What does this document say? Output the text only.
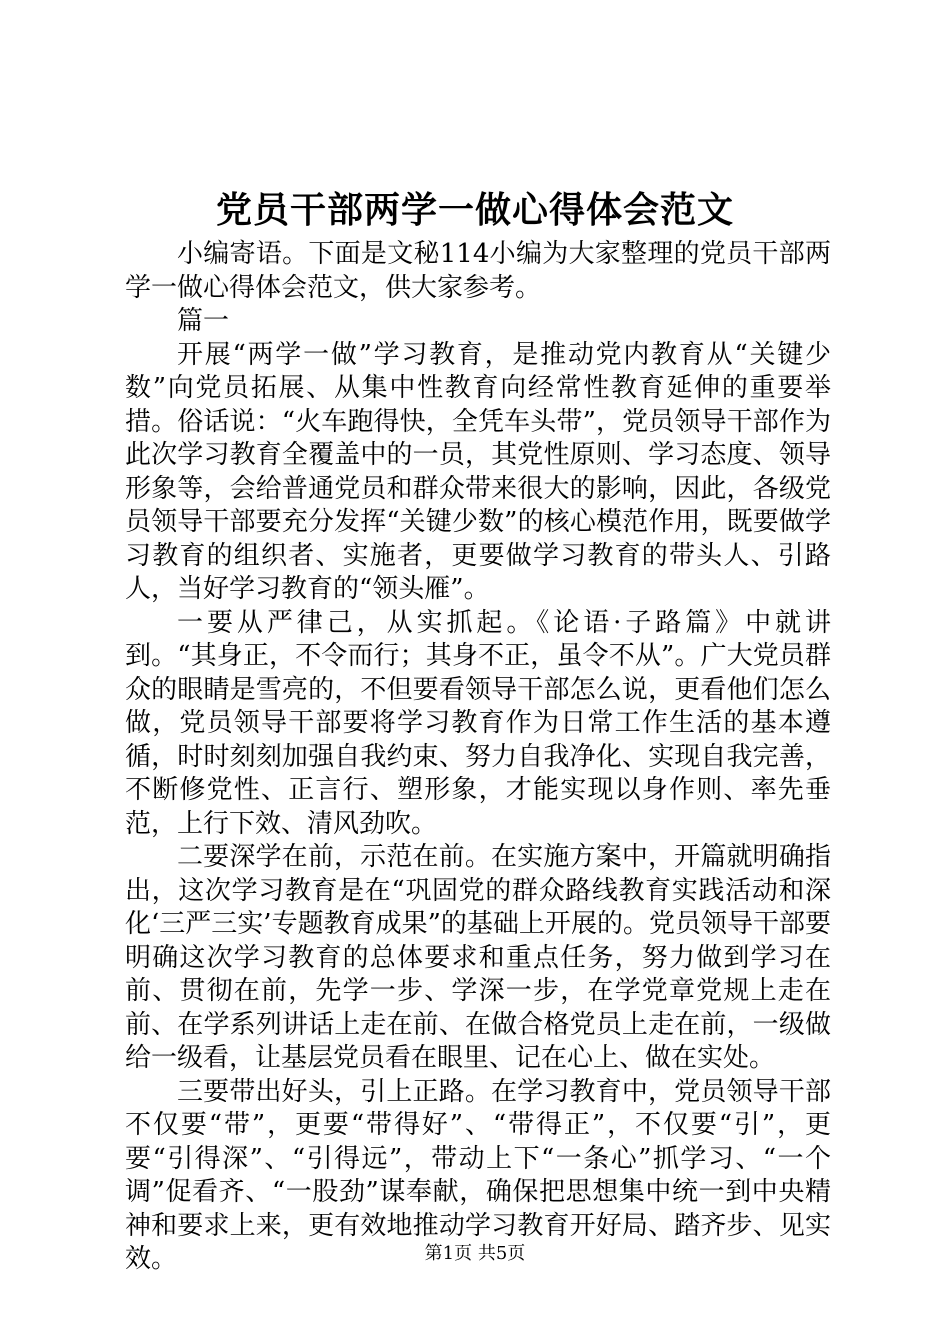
党员干部两学一做心得体会范文

小编寄语。下面是文秘114小编为大家整理的党员干部两学一做心得体会范文，供大家参考。

篇一

开展“两学一做”学习教育，是推动党内教育从“关键少数”向党员拓展、从集中性教育向经常性教育延伸的重要举措。俗话说：“火车跑得快，全凭车头带”，党员领导干部作为此次学习教育全覆盖中的一员，其党性原则、学习态度、领导形象等，会给普通党员和群众带来很大的影响，因此，各级党员领导干部要充分发挥“关键少数”的核心模范作用，既要做学习教育的组织者、实施者，更要做学习教育的带头人、引路人，当好学习教育的“领头雁”。

一要从严律己，从实抓起。《论语·子路篇》中就讲到。“其身正，不令而行；其身不正，虽令不从”。广大党员群众的眼睛是雪亮的，不但要看领导干部怎么说，更看他们怎么做，党员领导干部要将学习教育作为日常工作生活的基本遵循，时时刻刻加强自我约束、努力自我净化、实现自我完善，不断修党性、正言行、塑形象，才能实现以身作则、率先垂范，上行下效、清风劲吹。

二要深学在前，示范在前。在实施方案中，开篇就明确指出，这次学习教育是在“巩固党的群众路线教育实践活动和深化‘三严三实’专题教育成果”的基础上开展的。党员领导干部要明确这次学习教育的总体要求和重点任务，努力做到学习在前、贯彻在前，先学一步、学深一步，在学党章党规上走在前、在学系列讲话上走在前、在做合格党员上走在前，一级做给一级看，让基层党员看在眼里、记在心上、做在实处。

三要带出好头，引上正路。在学习教育中，党员领导干部不仅要“带”，更要“带得好”、“带得正”，不仅要“引”，更要“引得深”、“引得远”，带动上下“一条心”抓学习、“一个调”促看齐、“一股劲”谋奉献，确保把思想集中统一到中央精神和要求上来，更有效地推动学习教育开好局、踏齐步、见实效。	第1页 共5页
